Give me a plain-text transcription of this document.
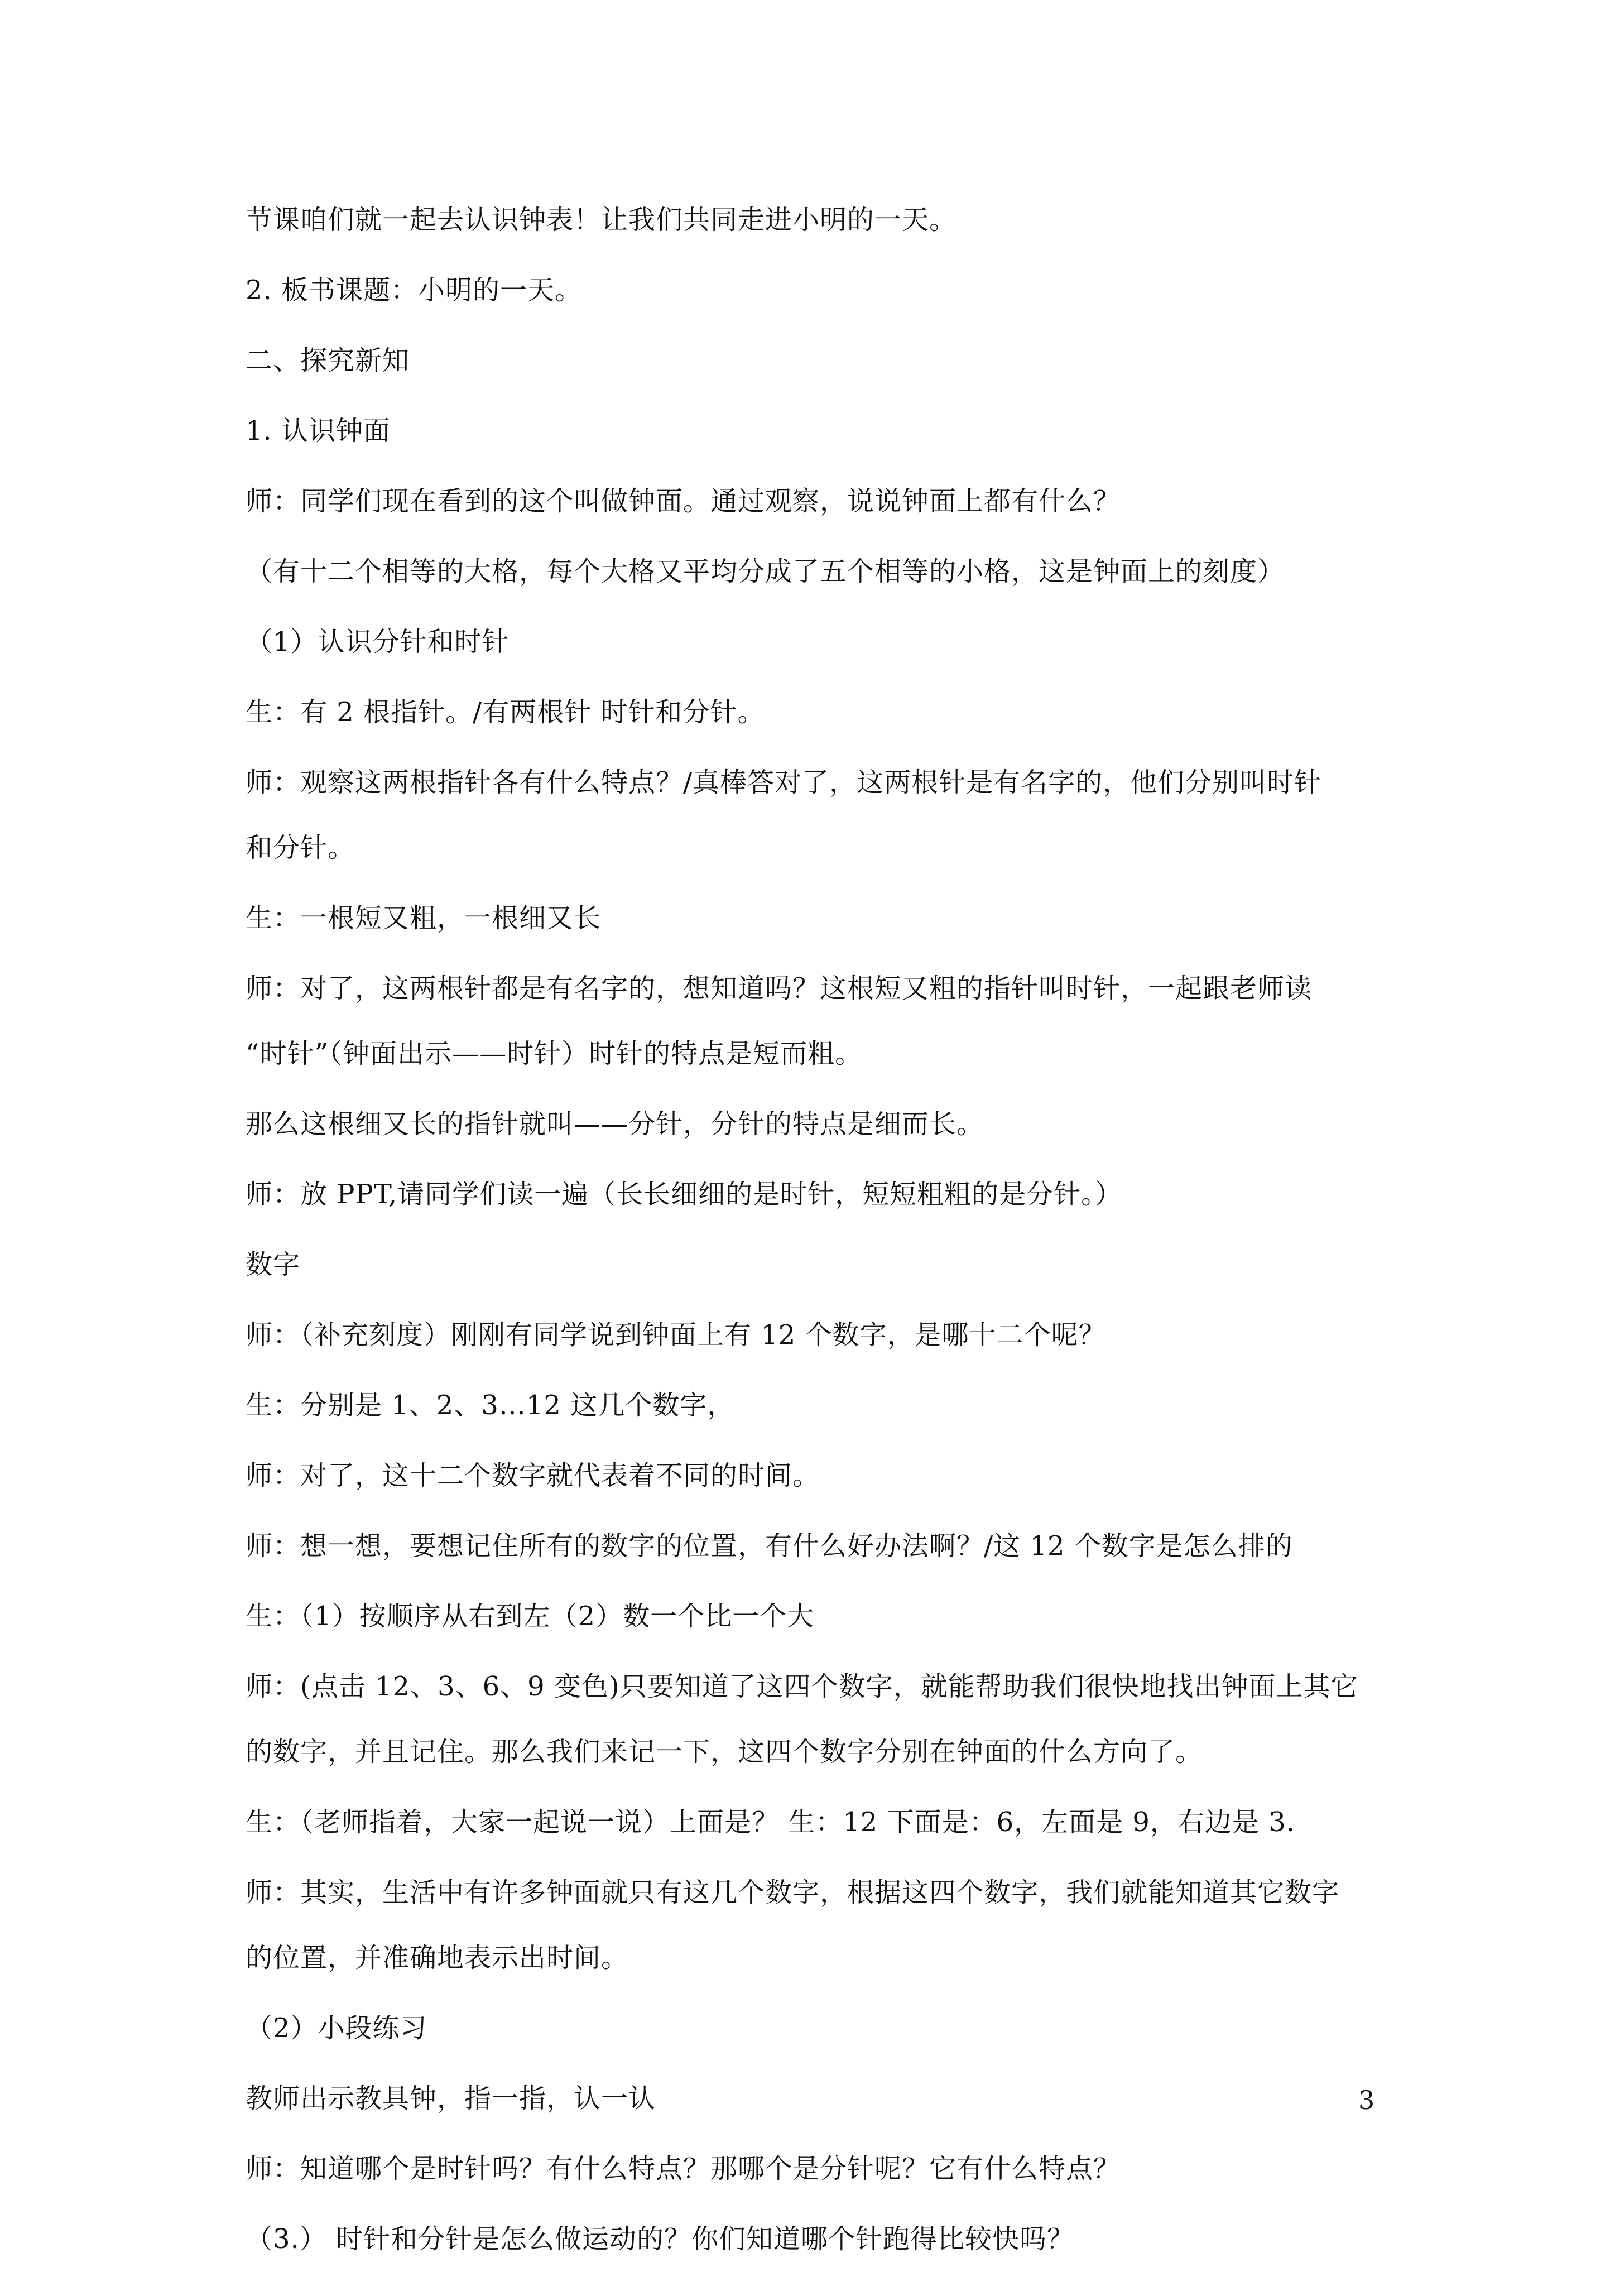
节课咱们就一起去认识钟表！让我们共同走进小明的一天。
2. 板书课题：小明的一天。
二、探究新知
1. 认识钟面
师：同学们现在看到的这个叫做钟面。通过观察，说说钟面上都有什么？
（有十二个相等的大格，每个大格又平均分成了五个相等的小格，这是钟面上的刻度）
（1）认识分针和时针
生：有 2 根指针。/有两根针 时针和分针。
师：观察这两根指针各有什么特点？/真棒答对了，这两根针是有名字的，他们分别叫时针
和分针。
生：一根短又粗，一根细又长
师：对了，这两根针都是有名字的，想知道吗？这根短又粗的指针叫时针，一起跟老师读
“时针”（钟面出示——时针）时针的特点是短而粗。
那么这根细又长的指针就叫——分针，分针的特点是细而长。
师：放 PPT,请同学们读一遍（长长细细的是时针，短短粗粗的是分针。）
数字
师：（补充刻度）刚刚有同学说到钟面上有 12 个数字，是哪十二个呢？
生：分别是 1、2、3…12 这几个数字，
师：对了，这十二个数字就代表着不同的时间。
师：想一想，要想记住所有的数字的位置，有什么好办法啊？/这 12 个数字是怎么排的
生：（1）按顺序从右到左（2）数一个比一个大
师：(点击 12、3、6、9 变色)只要知道了这四个数字，就能帮助我们很快地找出钟面上其它
的数字，并且记住。那么我们来记一下，这四个数字分别在钟面的什么方向了。
生：（老师指着，大家一起说一说）上面是？ 生：12 下面是：6，左面是 9，右边是 3.
师：其实，生活中有许多钟面就只有这几个数字，根据这四个数字，我们就能知道其它数字
的位置，并准确地表示出时间。
（2）小段练习
教师出示教具钟，指一指，认一认
师：知道哪个是时针吗？有什么特点？那哪个是分针呢？它有什么特点？
（3.） 时针和分针是怎么做运动的？你们知道哪个针跑得比较快吗？
3
